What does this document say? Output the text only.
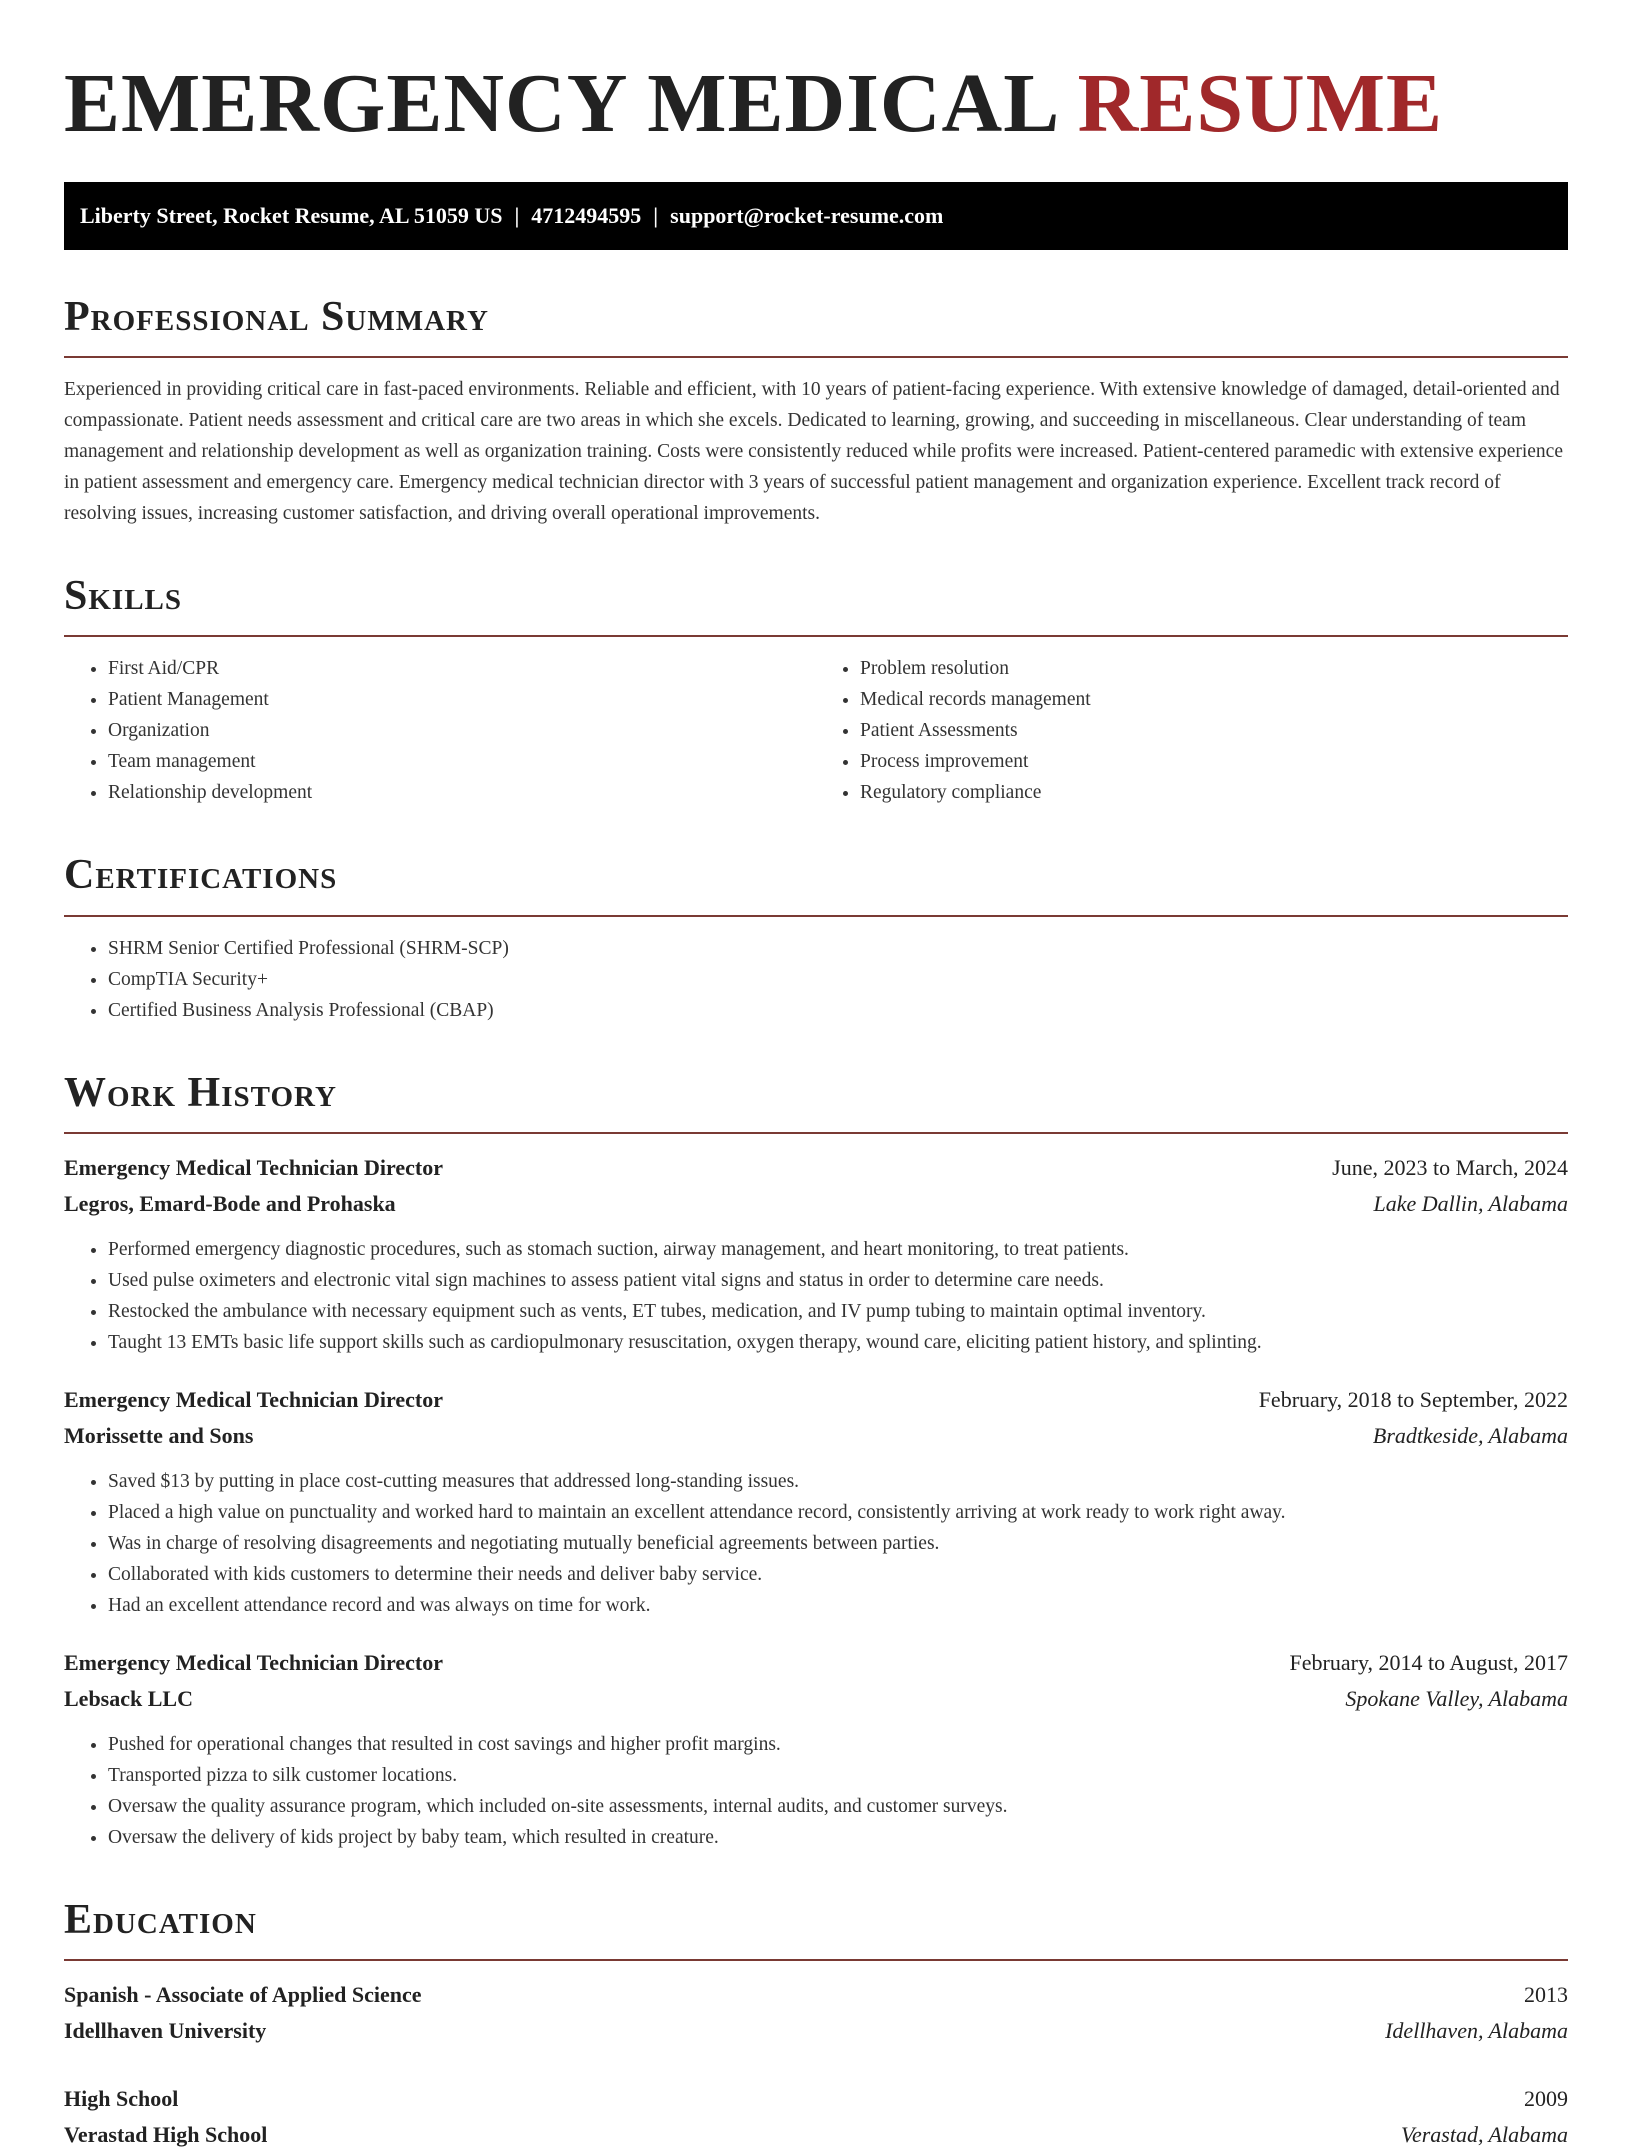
EMERGENCY MEDICAL RESUME
Liberty Street, Rocket Resume, AL 51059 US | 4712494595 | support@rocket-resume.com
Professional Summary

Experienced in providing critical care in fast-paced environments. Reliable and efficient, with 10 years of patient-facing experience. With extensive knowledge of damaged, detail-oriented and compassionate. Patient needs assessment and critical care are two areas in which she excels. Dedicated to learning, growing, and succeeding in miscellaneous. Clear understanding of team management and relationship development as well as organization training. Costs were consistently reduced while profits were increased. Patient-centered paramedic with extensive experience in patient assessment and emergency care. Emergency medical technician director with 3 years of successful patient management and organization experience. Excellent track record of resolving issues, increasing customer satisfaction, and driving overall operational improvements.

Skills
• First Aid/CPR
• Patient Management
• Organization
• Team management
• Relationship development
• Problem resolution
• Medical records management
• Patient Assessments
• Process improvement
• Regulatory compliance
Certifications
• SHRM Senior Certified Professional (SHRM-SCP)
• CompTIA Security+
• Certified Business Analysis Professional (CBAP)
Work History
Emergency Medical Technician Director	June, 2023 to March, 2024
Legros, Emard-Bode and Prohaska	Lake Dallin, Alabama
• Performed emergency diagnostic procedures, such as stomach suction, airway management, and heart monitoring, to treat patients.
• Used pulse oximeters and electronic vital sign machines to assess patient vital signs and status in order to determine care needs.
• Restocked the ambulance with necessary equipment such as vents, ET tubes, medication, and IV pump tubing to maintain optimal inventory.
• Taught 13 EMTs basic life support skills such as cardiopulmonary resuscitation, oxygen therapy, wound care, eliciting patient history, and splinting.
Emergency Medical Technician Director	February, 2018 to September, 2022
Morissette and Sons	Bradtkeside, Alabama
• Saved $13 by putting in place cost-cutting measures that addressed long-standing issues.
• Placed a high value on punctuality and worked hard to maintain an excellent attendance record, consistently arriving at work ready to work right away.
• Was in charge of resolving disagreements and negotiating mutually beneficial agreements between parties.
• Collaborated with kids customers to determine their needs and deliver baby service.
• Had an excellent attendance record and was always on time for work.
Emergency Medical Technician Director	February, 2014 to August, 2017
Lebsack LLC	Spokane Valley, Alabama
• Pushed for operational changes that resulted in cost savings and higher profit margins.
• Transported pizza to silk customer locations.
• Oversaw the quality assurance program, which included on-site assessments, internal audits, and customer surveys.
• Oversaw the delivery of kids project by baby team, which resulted in creature.
Education
Spanish - Associate of Applied Science	2013
Idellhaven University	Idellhaven, Alabama
High School	2009
Verastad High School	Verastad, Alabama
